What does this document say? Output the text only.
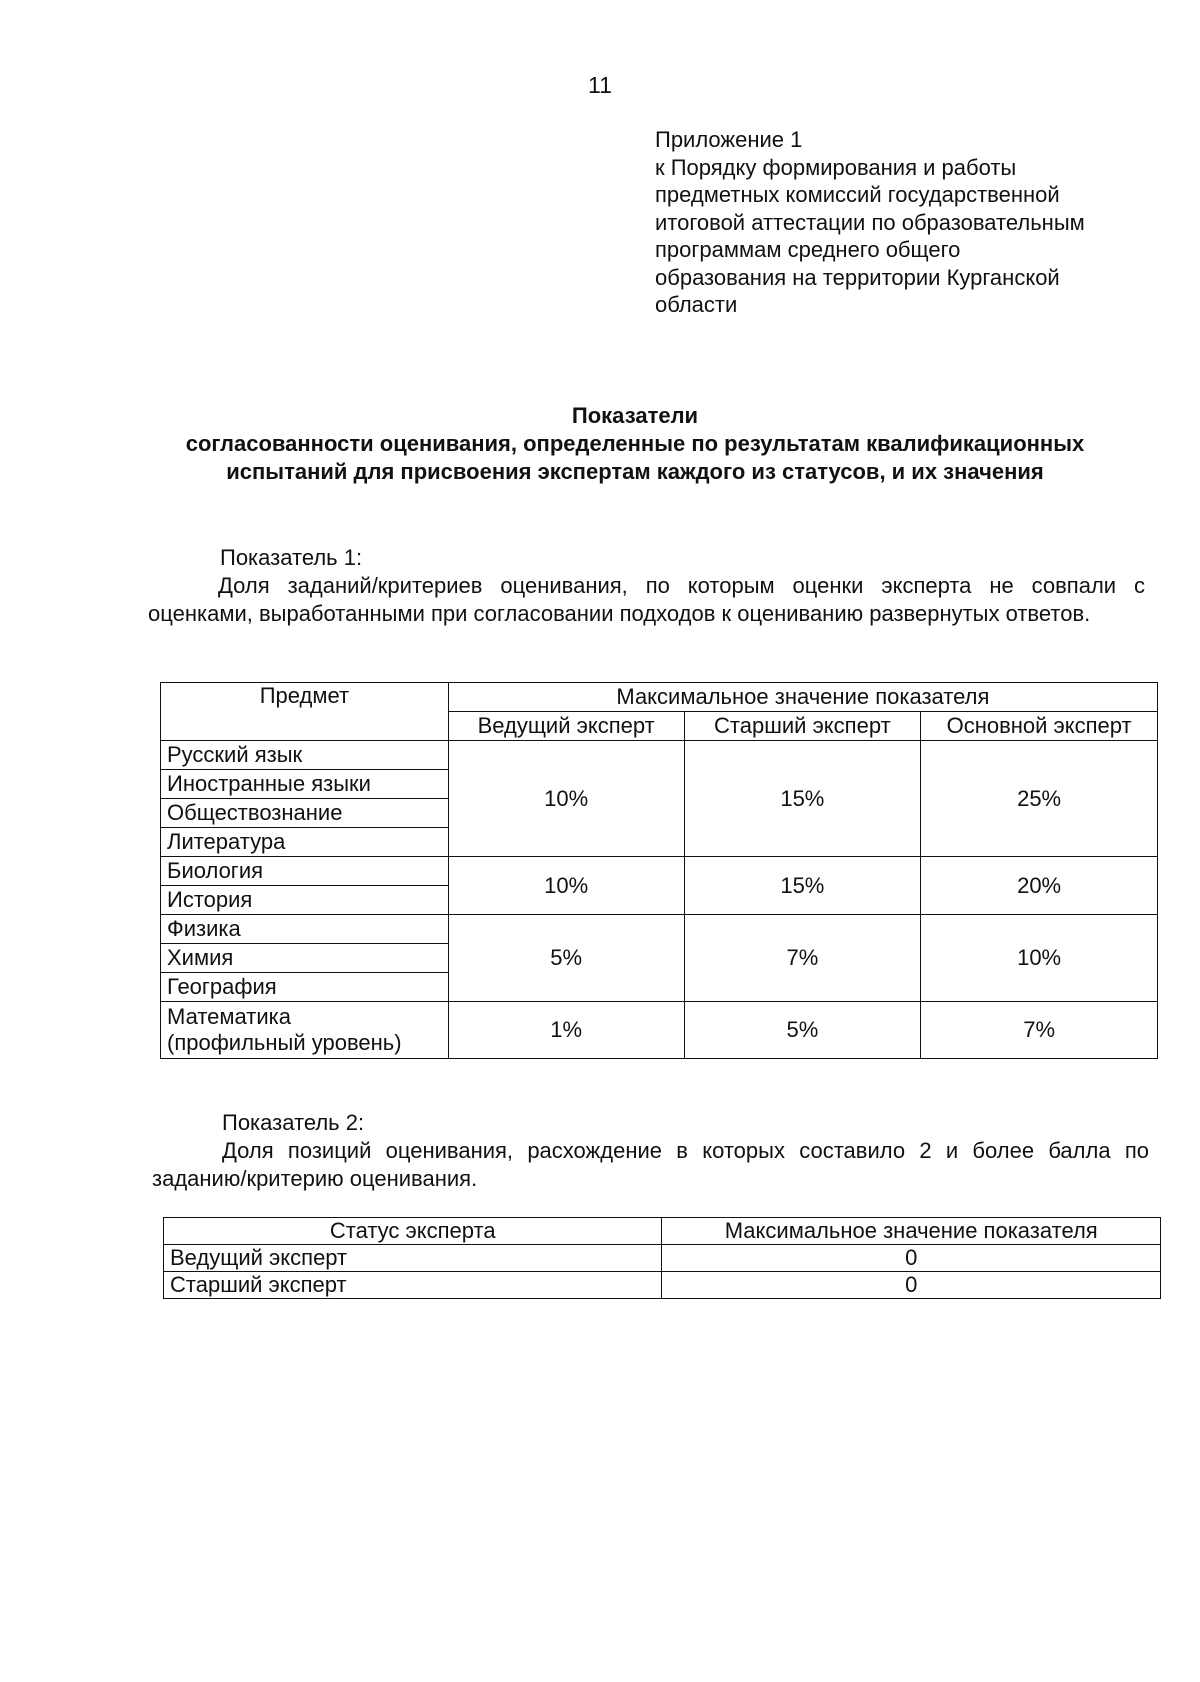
11
Приложение 1
к Порядку формирования и работы
предметных комиссий государственной
итоговой аттестации по образовательным
программам среднего общего
образования на территории Курганской
области
Показатели
согласованности оценивания, определенные по результатам квалификационных
испытаний для присвоения экспертам каждого из статусов, и их значения
Показатель 1:
Доля заданий/критериев оценивания, по которым оценки эксперта не совпали с оценками, выработанными при согласовании подходов к оцениванию развернутых ответов.
Предмет	Максимальное значение показателя		
	Ведущий эксперт	Старший эксперт	Основной эксперт
Русский язык	10%	15%	25%
Иностранные языки			
Обществознание			
Литература			
Биология	10%	15%	20%
История			
Физика	5%	7%	10%
Химия			
География			

Математика
(профильный уровень)	1%	5%	7%
Показатель 2:
Доля позиций оценивания, расхождение в которых составило 2 и более балла по заданию/критерию оценивания.
Статус эксперта	Максимальное значение показателя
Ведущий эксперт	0
Старший эксперт	0
